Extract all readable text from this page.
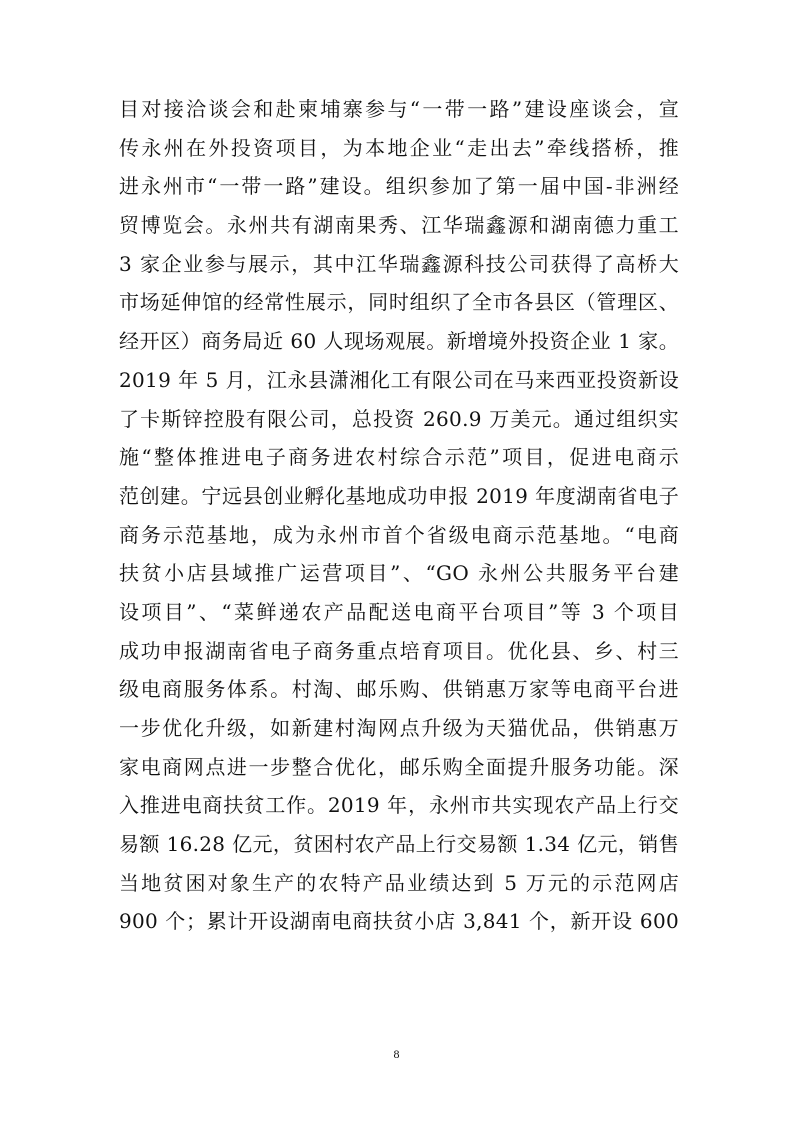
目对接洽谈会和赴柬埔寨参与“一带一路”建设座谈会，宣
传永州在外投资项目，为本地企业“走出去”牵线搭桥，推
进永州市“一带一路”建设。组织参加了第一届中国-非洲经
贸博览会。永州共有湖南果秀、江华瑞鑫源和湖南德力重工
3 家企业参与展示，其中江华瑞鑫源科技公司获得了高桥大
市场延伸馆的经常性展示，同时组织了全市各县区（管理区、
经开区）商务局近 60 人现场观展。新增境外投资企业 1 家。
2019 年 5 月，江永县潇湘化工有限公司在马来西亚投资新设
了卡斯锌控股有限公司，总投资 260.9 万美元。通过组织实
施“整体推进电子商务进农村综合示范”项目，促进电商示
范创建。宁远县创业孵化基地成功申报 2019 年度湖南省电子
商务示范基地，成为永州市首个省级电商示范基地。“电商
扶贫小店县域推广运营项目”、“GO 永州公共服务平台建
设项目”、“菜鲜递农产品配送电商平台项目”等 3 个项目
成功申报湖南省电子商务重点培育项目。优化县、乡、村三
级电商服务体系。村淘、邮乐购、供销惠万家等电商平台进
一步优化升级，如新建村淘网点升级为天猫优品，供销惠万
家电商网点进一步整合优化，邮乐购全面提升服务功能。深
入推进电商扶贫工作。2019 年，永州市共实现农产品上行交
易额 16.28 亿元，贫困村农产品上行交易额 1.34 亿元，销售
当地贫困对象生产的农特产品业绩达到 5 万元的示范网店
900 个；累计开设湖南电商扶贫小店 3,841 个，新开设 600
8
